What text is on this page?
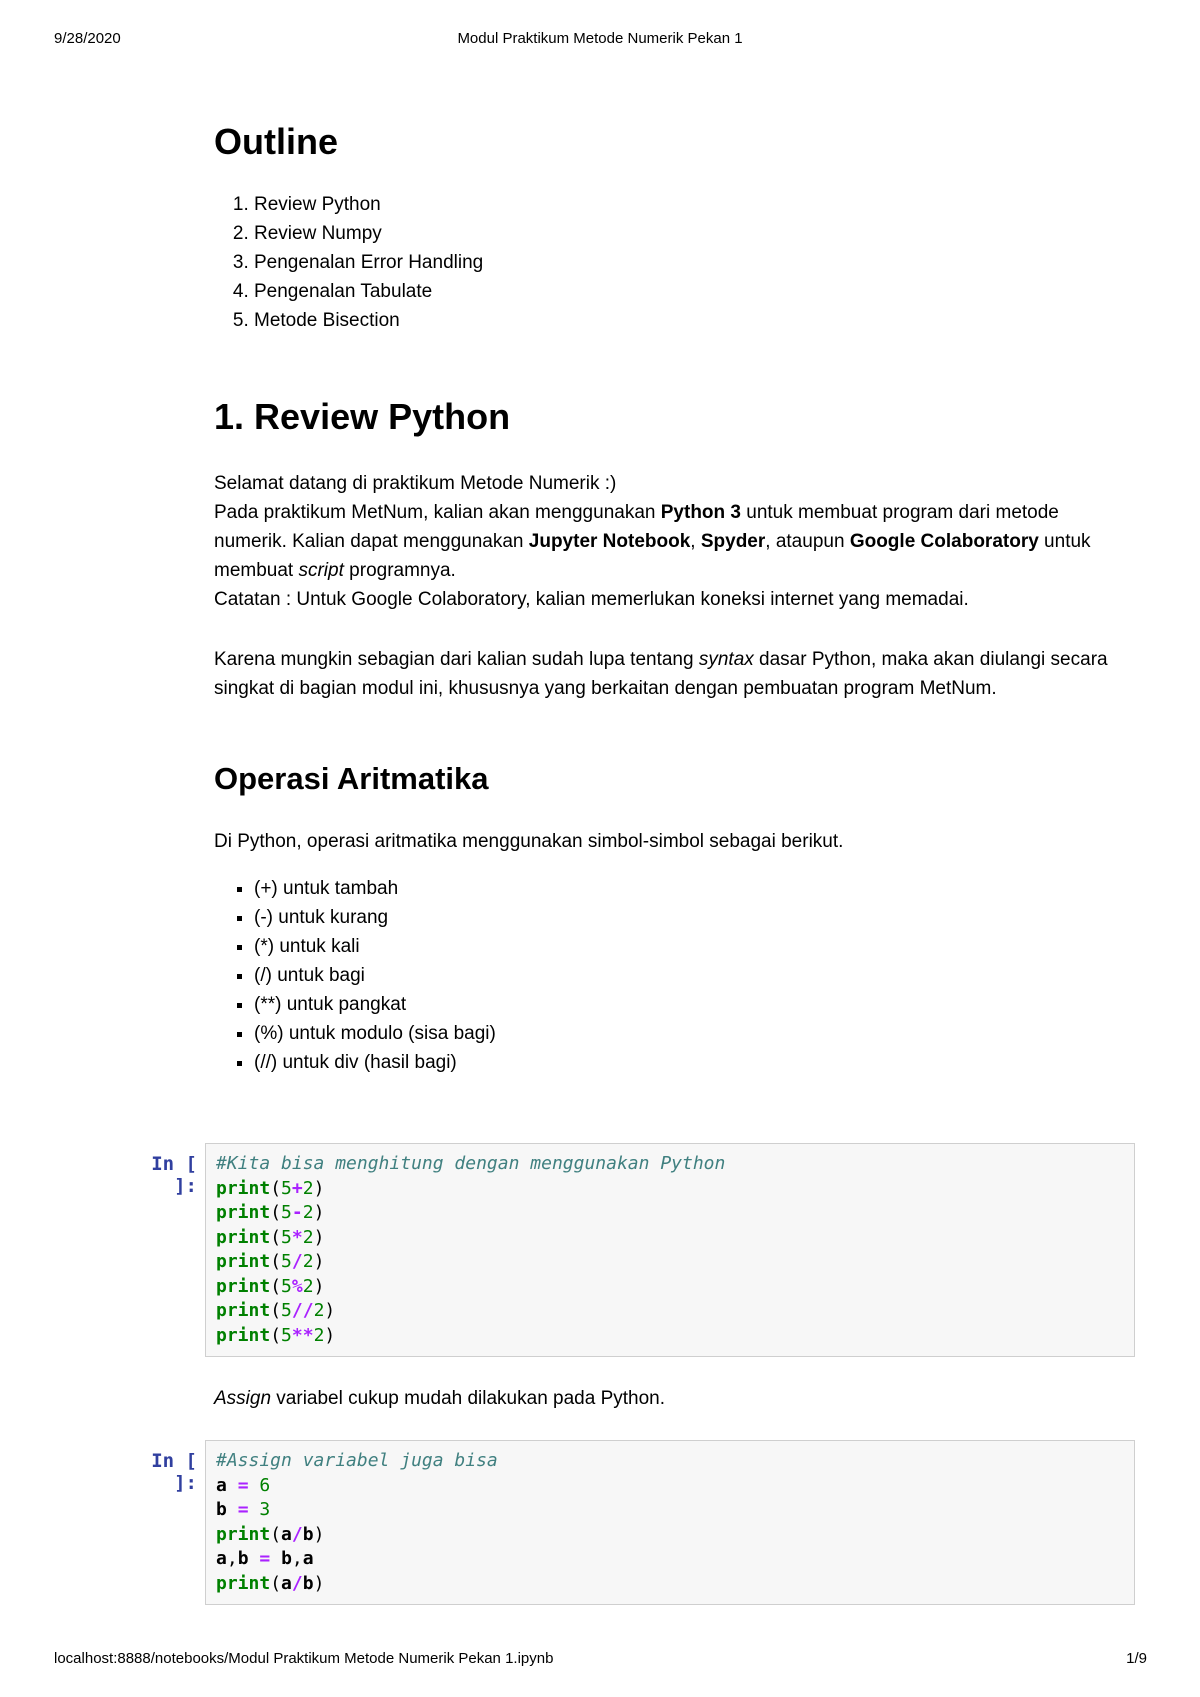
9/28/2020	Modul Praktikum Metode Numerik Pekan 1
Outline
1. Review Python
2. Review Numpy
3. Pengenalan Error Handling
4. Pengenalan Tabulate
5. Metode Bisection
1. Review Python

Selamat datang di praktikum Metode Numerik :)
Pada praktikum MetNum, kalian akan menggunakan Python 3 untuk membuat program dari metode numerik. Kalian dapat menggunakan Jupyter Notebook, Spyder, ataupun Google Colaboratory untuk membuat script programnya.
Catatan : Untuk Google Colaboratory, kalian memerlukan koneksi internet yang memadai.

Karena mungkin sebagian dari kalian sudah lupa tentang syntax dasar Python, maka akan diulangi secara singkat di bagian modul ini, khususnya yang berkaitan dengan pembuatan program MetNum.

Operasi Aritmatika

Di Python, operasi aritmatika menggunakan simbol-simbol sebagai berikut.

▪ (+) untuk tambah
▪ (-) untuk kurang
▪ (*) untuk kali
▪ (/) untuk bagi
▪ (**) untuk pangkat
▪ (%) untuk modulo (sisa bagi)
▪ (//) untuk div (hasil bagi)
In [ ]:
#Kita bisa menghitung dengan menggunakan Python
print(5+2)
print(5-2)
print(5*2)
print(5/2)
print(5%2)
print(5//2)
print(5**2)

Assign variabel cukup mudah dilakukan pada Python.

In [ ]:
#Assign variabel juga bisa
a = 6
b = 3
print(a/b)
a,b = b,a
print(a/b)
localhost:8888/notebooks/Modul Praktikum Metode Numerik Pekan 1.ipynb	1/9
